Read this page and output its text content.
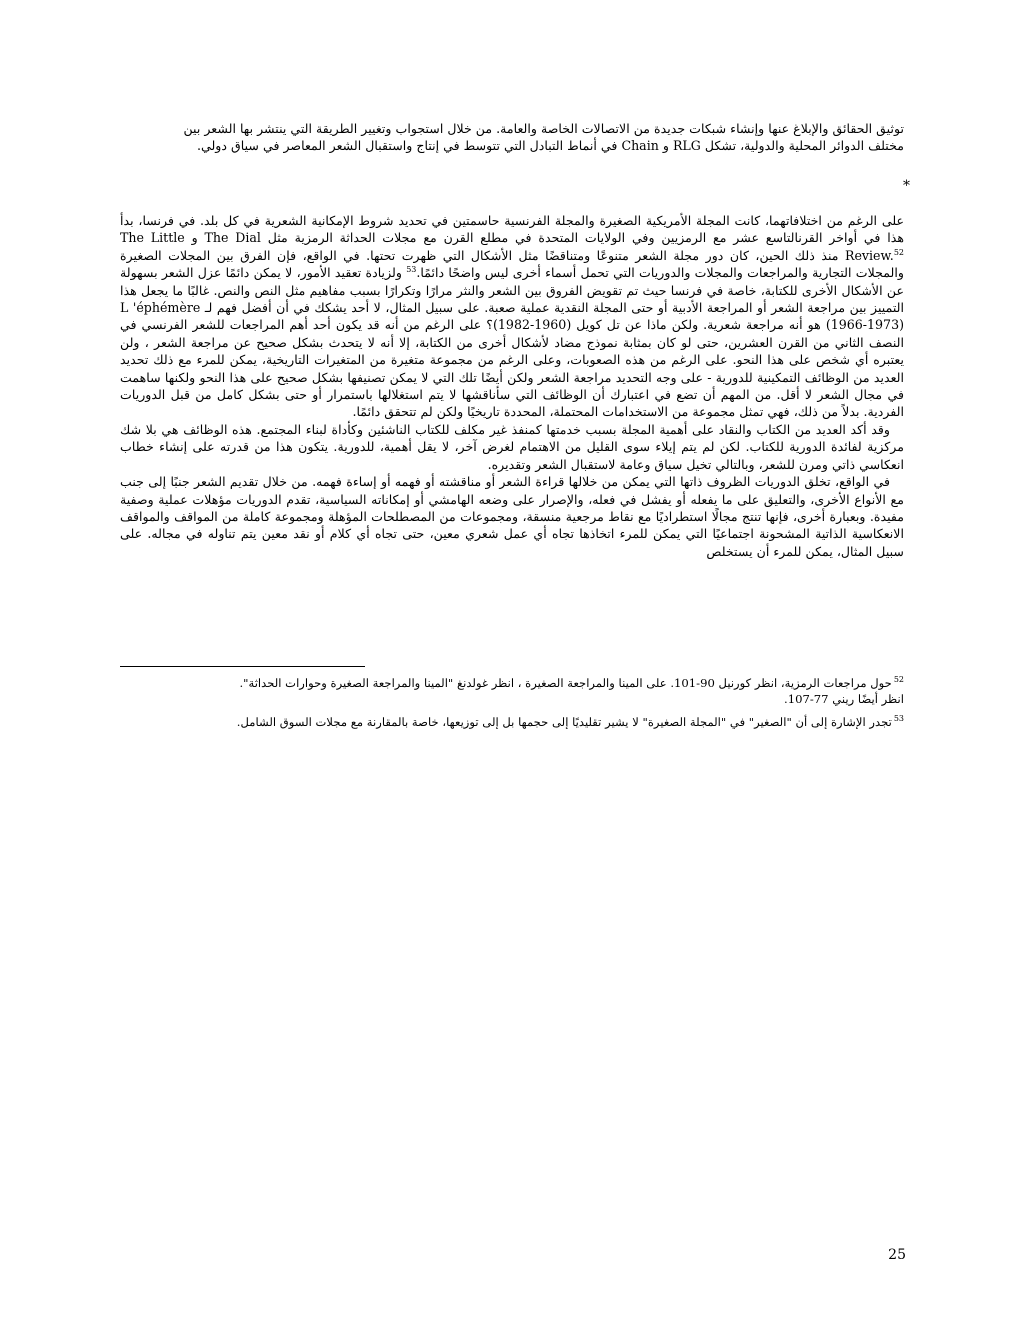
توثيق الحقائق والإبلاغ عنها وإنشاء شبكات جديدة من الاتصالات الخاصة والعامة. من خلال استجواب وتغيير الطريقة التي ينتشر بها الشعر بين

مختلف الدوائر المحلية والدولية، تشكل RLG و Chain في أنماط التبادل التي تتوسط في إنتاج واستقبال الشعر المعاصر في سياق دولي.

*

على الرغم من اختلافاتهما، كانت المجلة الأمريكية الصغيرة والمجلة الفرنسية حاسمتين في تحديد شروط الإمكانية الشعرية في كل بلد. في فرنسا، بدأ هذا في أواخر القرنالتاسع عشر مع الرمزيين وفي الولايات المتحدة في مطلع القرن مع مجلات الحداثة الرمزية مثل The Dial و The Little Review.$^{52}$ منذ ذلك الحين، كان دور مجلة الشعر متنوعًا ومتناقضًا مثل الأشكال التي ظهرت تحتها. في الواقع، فإن الفرق بين المجلات الصغيرة والمجلات التجارية والمراجعات والمجلات والدوريات التي تحمل أسماء أخرى ليس واضحًا دائمًا.$^{53}$ ولزيادة تعقيد الأمور، لا يمكن دائمًا عزل الشعر بسهولة عن الأشكال الأخرى للكتابة، خاصة في فرنسا حيث تم تقويض الفروق بين الشعر والنثر مرارًا وتكرارًا بسبب مفاهيم مثل النص والنص. غالبًا ما يجعل هذا التمييز بين مراجعة الشعر أو المراجعة الأدبية أو حتى المجلة النقدية عملية صعبة. على سبيل المثال، لا أحد يشكك في أن أفضل فهم لـ L 'éphémère (1966-1973) هو أنه مراجعة شعرية. ولكن ماذا عن تل كويل (1960-1982)؟ على الرغم من أنه قد يكون أحد أهم المراجعات للشعر الفرنسي في النصف الثاني من القرن العشرين، حتى لو كان بمثابة نموذج مضاد لأشكال أخرى من الكتابة، إلا أنه لا يتحدث بشكل صحيح عن مراجعة الشعر ، ولن يعتبره أي شخص على هذا النحو. على الرغم من هذه الصعوبات، وعلى الرغم من مجموعة متغيرة من المتغيرات التاريخية، يمكن للمرء مع ذلك تحديد العديد من الوظائف التمكينية للدورية - على وجه التحديد مراجعة الشعر ولكن أيضًا تلك التي لا يمكن تصنيفها بشكل صحيح على هذا النحو ولكنها ساهمت في مجال الشعر لا أقل. من المهم أن تضع في اعتبارك أن الوظائف التي سأناقشها لا يتم استغلالها باستمرار أو حتى بشكل كامل من قبل الدوريات الفردية. بدلاً من ذلك، فهي تمثل مجموعة من الاستخدامات المحتملة، المحددة تاريخيًا ولكن لم تتحقق دائمًا.

وقد أكد العديد من الكتاب والنقاد على أهمية المجلة بسبب خدمتها كمنفذ غير مكلف للكتاب الناشئين وكأداة لبناء المجتمع. هذه الوظائف هي بلا شك مركزية لفائدة الدورية للكتاب. لكن لم يتم إيلاء سوى القليل من الاهتمام لغرض آخر، لا يقل أهمية، للدورية. يتكون هذا من قدرته على إنشاء خطاب انعكاسي ذاتي ومرن للشعر، وبالتالي تخيل سياق وعامة لاستقبال الشعر وتقديره.

في الواقع، تخلق الدوريات الظروف ذاتها التي يمكن من خلالها قراءة الشعر أو مناقشته أو فهمه أو إساءة فهمه. من خلال تقديم الشعر جنبًا إلى جنب مع الأنواع الأخرى، والتعليق على ما يفعله أو يفشل في فعله، والإصرار على وضعه الهامشي أو إمكاناته السياسية، تقدم الدوريات مؤهلات عملية وصفية مفيدة. وبعبارة أخرى، فإنها تنتج مجالًا استطراديًا مع نقاط مرجعية منسقة، ومجموعات من المصطلحات المؤهلة ومجموعة كاملة من المواقف والمواقف الانعكاسية الذاتية المشحونة اجتماعيًا التي يمكن للمرء اتخاذها تجاه أي عمل شعري معين، حتى تجاه أي كلام أو نقد معين يتم تناوله في مجاله. على سبيل المثال، يمكن للمرء أن يستخلص

$^{52}$حول مراجعات الرمزية، انظر كورنيل 90-101. على المينا والمراجعة الصغيرة ، انظر غولدنغ "المينا والمراجعة الصغيرة وحوارات الحداثة".
انظر أيضًا ريني 77-107.

$^{53}$تجدر الإشارة إلى أن "الصغير" في "المجلة الصغيرة" لا يشير تقليديًا إلى حجمها بل إلى توزيعها، خاصة بالمقارنة مع مجلات السوق الشامل.

25
